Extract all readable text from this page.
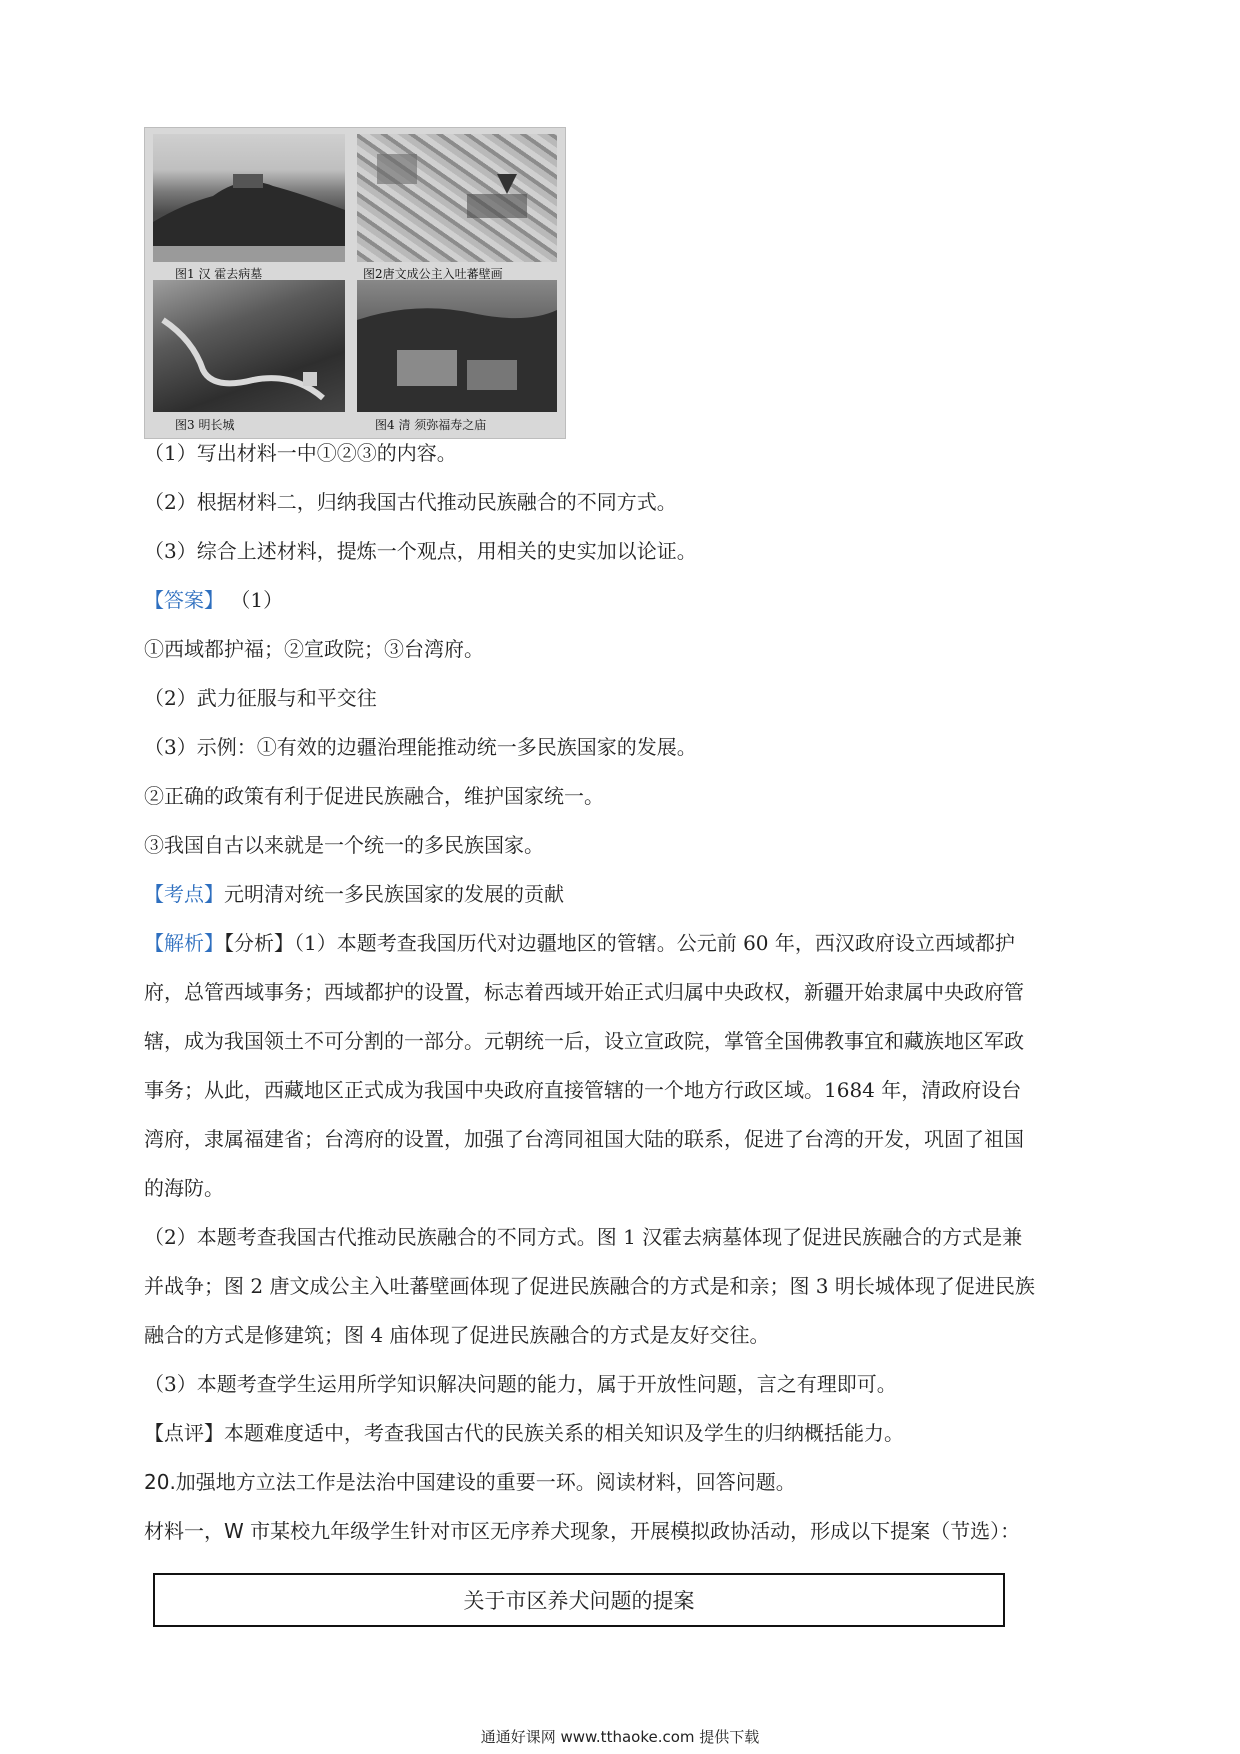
图1 汉 霍去病墓	图2唐文成公主入吐蕃壁画
图3 明长城	图4 清 须弥福寿之庙
（1）写出材料一中①②③的内容。
（2）根据材料二，归纳我国古代推动民族融合的不同方式。
（3）综合上述材料，提炼一个观点，用相关的史实加以论证。
【答案】 （1）
①西域都护福；②宣政院；③台湾府。
（2）武力征服与和平交往
（3）示例：①有效的边疆治理能推动统一多民族国家的发展。
②正确的政策有利于促进民族融合，维护国家统一。
③我国自古以来就是一个统一的多民族国家。
【考点】元明清对统一多民族国家的发展的贡献
【解析】【分析】（1）本题考查我国历代对边疆地区的管辖。公元前 60 年，西汉政府设立西域都护
府，总管西域事务；西域都护的设置，标志着西域开始正式归属中央政权，新疆开始隶属中央政府管
辖，成为我国领土不可分割的一部分。元朝统一后，设立宣政院，掌管全国佛教事宜和藏族地区军政
事务；从此，西藏地区正式成为我国中央政府直接管辖的一个地方行政区域。1684 年，清政府设台
湾府，隶属福建省；台湾府的设置，加强了台湾同祖国大陆的联系，促进了台湾的开发，巩固了祖国
的海防。
（2）本题考查我国古代推动民族融合的不同方式。图 1 汉霍去病墓体现了促进民族融合的方式是兼
并战争；图 2 唐文成公主入吐蕃壁画体现了促进民族融合的方式是和亲；图 3 明长城体现了促进民族
融合的方式是修建筑；图 4 庙体现了促进民族融合的方式是友好交往。
（3）本题考查学生运用所学知识解决问题的能力，属于开放性问题，言之有理即可。
【点评】本题难度适中，考查我国古代的民族关系的相关知识及学生的归纳概括能力。
20.加强地方立法工作是法治中国建设的重要一环。阅读材料，回答问题。
材料一，W 市某校九年级学生针对市区无序养犬现象，开展模拟政协活动，形成以下提案（节选）：
关于市区养犬问题的提案
通通好课网 www.tthaoke.com 提供下载
